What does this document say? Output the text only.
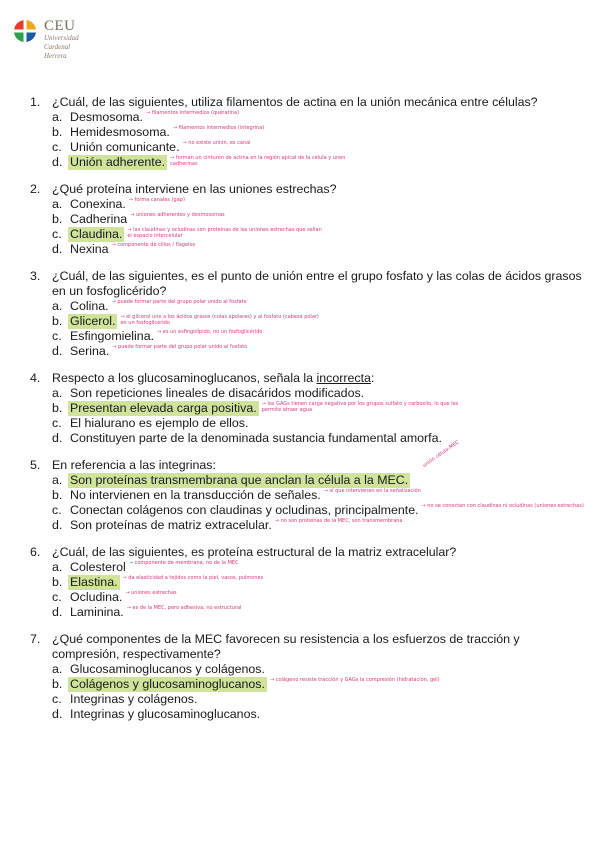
CEU
Universidad
Cardenal Herrera
1. ¿Cuál, de las siguientes, utiliza filamentos de actina en la unión mecánica entre células?
a. Desmosoma. → filamentos intermedios (queratina)
b. Hemidesmosoma. → filamentos intermedios (integrina)
c. Unión comunicante. → no existe unión, es canal
d. Unión adherente.	→ forman un cinturón de actina en la región apical de la célula y unen cadherinas
2. ¿Qué proteína interviene en las uniones estrechas?
a. Conexina. → forma canales (gap)
b. Cadherina → uniones adherentes y desmosomas
c. Claudina.	→ las claudinas y ocludinas son proteínas de las uniones estrechas que sellan el espacio intercelular
d. Nexina → componente de cilios / flagelos
3. ¿Cuál, de las siguientes, es el punto de unión entre el grupo fosfato y las colas de ácidos grasos en un fosfoglicérido?
a. Colina. → puede formar parte del grupo polar unido al fosfato
b. Glicerol.	→ el glicerol une a los ácidos grasos (colas apolares) y al fosfato (cabeza polar) en un fosfoglicérido
c. Esfingomielina. → es un esfingolípido, no un fosfoglicérido
d. Serina. → puede formar parte del grupo polar unido al fosfato
4. Respecto a los glucosaminoglucanos, señala la incorrecta:
a. Son repeticiones lineales de disacáridos modificados.
b. Presentan elevada carga positiva.	→ los GAGs tienen carga negativa por los grupos sulfato y carboxilo, lo que les permite atraer agua
c. El hialurano es ejemplo de ellos.
d. Constituyen parte de la denominada sustancia fundamental amorfa.
5. En referencia a las integrinas:	unión célula-MEC
a. Son proteínas transmembrana que anclan la célula a la MEC.
b. No intervienen en la transducción de señales. → sí que intervienen en la señalización
c. Conectan colágenos con claudinas y ocludinas, principalmente. → no se conectan con claudinas ni ocludinas (uniones estrechas)
d. Son proteínas de matriz extracelular. → no son proteínas de la MEC, son transmembrana
6. ¿Cuál, de las siguientes, es proteína estructural de la matriz extracelular?
a. Colesterol → componente de membrana, no de la MEC
b. Elastina.	→ da elasticidad a tejidos como la piel, vasos, pulmones
c. Ocludina. → uniones estrechas
d. Laminina. → es de la MEC, pero adhesiva, no estructural
7. ¿Qué componentes de la MEC favorecen su resistencia a los esfuerzos de tracción y compresión, respectivamente?
a. Glucosaminoglucanos y colágenos.
b. Colágenos y glucosaminoglucanos.	→ colágeno resiste tracción y GAGs la compresión (hidratación, gel)
c. Integrinas y colágenos.
d. Integrinas y glucosaminoglucanos.
